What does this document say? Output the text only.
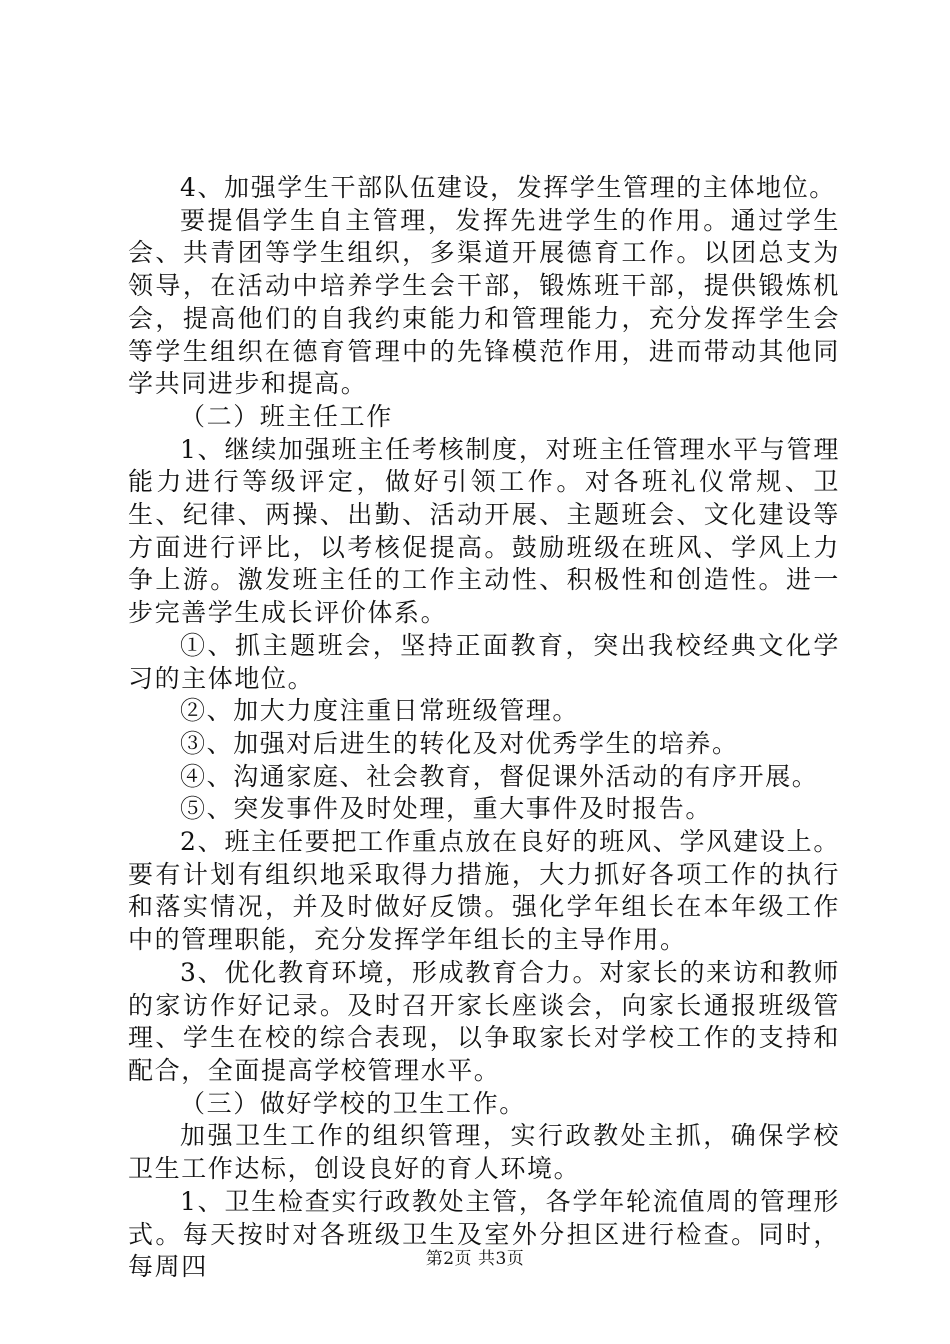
4、加强学生干部队伍建设，发挥学生管理的主体地位。

要提倡学生自主管理，发挥先进学生的作用。通过学生会、共青团等学生组织，多渠道开展德育工作。以团总支为领导，在活动中培养学生会干部，锻炼班干部，提供锻炼机会，提高他们的自我约束能力和管理能力，充分发挥学生会等学生组织在德育管理中的先锋模范作用，进而带动其他同学共同进步和提高。

（二）班主任工作

1、继续加强班主任考核制度，对班主任管理水平与管理能力进行等级评定，做好引领工作。对各班礼仪常规、卫生、纪律、两操、出勤、活动开展、主题班会、文化建设等方面进行评比，以考核促提高。鼓励班级在班风、学风上力争上游。激发班主任的工作主动性、积极性和创造性。进一步完善学生成长评价体系。

①、抓主题班会，坚持正面教育，突出我校经典文化学习的主体地位。

②、加大力度注重日常班级管理。

③、加强对后进生的转化及对优秀学生的培养。

④、沟通家庭、社会教育，督促课外活动的有序开展。

⑤、突发事件及时处理，重大事件及时报告。

2、班主任要把工作重点放在良好的班风、学风建设上。要有计划有组织地采取得力措施，大力抓好各项工作的执行和落实情况，并及时做好反馈。强化学年组长在本年级工作中的管理职能，充分发挥学年组长的主导作用。

3、优化教育环境，形成教育合力。对家长的来访和教师的家访作好记录。及时召开家长座谈会，向家长通报班级管理、学生在校的综合表现，以争取家长对学校工作的支持和配合，全面提高学校管理水平。

（三）做好学校的卫生工作。

加强卫生工作的组织管理，实行政教处主抓，确保学校卫生工作达标，创设良好的育人环境。

1、卫生检查实行政教处主管，各学年轮流值周的管理形式。每天按时对各班级卫生及室外分担区进行检查。同时，每周四	第2页 共3页
